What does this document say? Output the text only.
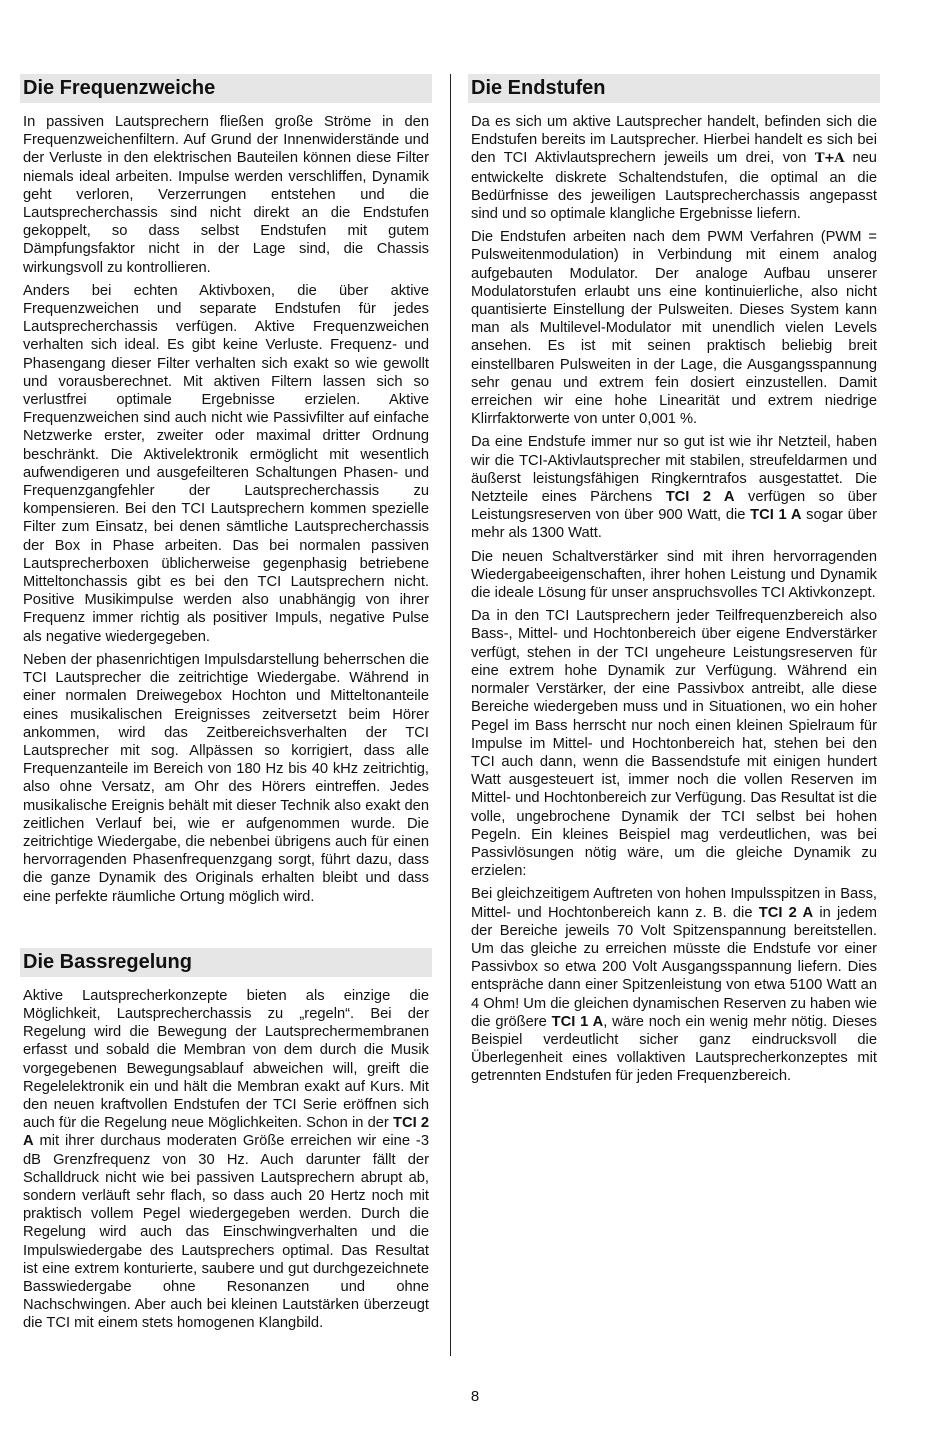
Die Frequenzweiche

In passiven Lautsprechern fließen große Ströme in den Frequenzweichenfiltern. Auf Grund der Innenwiderstände und der Verluste in den elektrischen Bauteilen können diese Filter niemals ideal arbeiten. Impulse werden verschliffen, Dynamik geht verloren, Verzerrungen entstehen und die Lautsprecherchassis sind nicht direkt an die Endstufen gekoppelt, so dass selbst Endstufen mit gutem Dämpfungsfaktor nicht in der Lage sind, die Chassis wirkungsvoll zu kontrollieren.

Anders bei echten Aktivboxen, die über aktive Frequenzweichen und separate Endstufen für jedes Lautsprecherchassis verfügen. Aktive Frequenzweichen verhalten sich ideal. Es gibt keine Verluste. Frequenz- und Phasengang dieser Filter verhalten sich exakt so wie gewollt und vorausberechnet. Mit aktiven Filtern lassen sich so verlustfrei optimale Ergebnisse erzielen. Aktive Frequenzweichen sind auch nicht wie Passivfilter auf einfache Netzwerke erster, zweiter oder maximal dritter Ordnung beschränkt. Die Aktivelektronik ermöglicht mit wesentlich aufwendigeren und ausgefeilteren Schaltungen Phasen- und Frequenzgangfehler der Lautsprecherchassis zu kompensieren. Bei den TCI Lautsprechern kommen spezielle Filter zum Einsatz, bei denen sämtliche Lautsprecherchassis der Box in Phase arbeiten. Das bei normalen passiven Lautsprecherboxen üblicherweise gegenphasig betriebene Mitteltonchassis gibt es bei den TCI Lautsprechern nicht. Positive Musikimpulse werden also unabhängig von ihrer Frequenz immer richtig als positiver Impuls, negative Pulse als negative wiedergegeben.

Neben der phasenrichtigen Impulsdarstellung beherrschen die TCI Lautsprecher die zeitrichtige Wiedergabe. Während in einer normalen Dreiwegebox Hochton und Mitteltonanteile eines musikalischen Ereignisses zeitversetzt beim Hörer ankommen, wird das Zeitbereichsverhalten der TCI Lautsprecher mit sog. Allpässen so korrigiert, dass alle Frequenzanteile im Bereich von 180 Hz bis 40 kHz zeitrichtig, also ohne Versatz, am Ohr des Hörers eintreffen. Jedes musikalische Ereignis behält mit dieser Technik also exakt den zeitlichen Verlauf bei, wie er aufgenommen wurde. Die zeitrichtige Wiedergabe, die nebenbei übrigens auch für einen hervorragenden Phasenfrequenzgang sorgt, führt dazu, dass die ganze Dynamik des Originals erhalten bleibt und dass eine perfekte räumliche Ortung möglich wird.

Die Bassregelung

Aktive Lautsprecherkonzepte bieten als einzige die Möglichkeit, Lautsprecherchassis zu „regeln“. Bei der Regelung wird die Bewegung der Lautsprechermembranen erfasst und sobald die Membran von dem durch die Musik vorgegebenen Bewegungsablauf abweichen will, greift die Regelelektronik ein und hält die Membran exakt auf Kurs. Mit den neuen kraftvollen Endstufen der TCI Serie eröffnen sich auch für die Regelung neue Möglichkeiten. Schon in der TCI 2 A mit ihrer durchaus moderaten Größe erreichen wir eine -3 dB Grenzfrequenz von 30 Hz. Auch darunter fällt der Schalldruck nicht wie bei passiven Lautsprechern abrupt ab, sondern verläuft sehr flach, so dass auch 20 Hertz noch mit praktisch vollem Pegel wiedergegeben werden. Durch die Regelung wird auch das Einschwingverhalten und die Impulswiedergabe des Lautsprechers optimal. Das Resultat ist eine extrem konturierte, saubere und gut durchgezeichnete Basswiedergabe ohne Resonanzen und ohne Nachschwingen. Aber auch bei kleinen Lautstärken überzeugt die TCI mit einem stets homogenen Klangbild.

Die Endstufen

Da es sich um aktive Lautsprecher handelt, befinden sich die Endstufen bereits im Lautsprecher. Hierbei handelt es sich bei den TCI Aktivlautsprechern jeweils um drei, von T+A neu entwickelte diskrete Schaltendstufen, die optimal an die Bedürfnisse des jeweiligen Lautsprecherchassis angepasst sind und so optimale klangliche Ergebnisse liefern.

Die Endstufen arbeiten nach dem PWM Verfahren (PWM = Pulsweitenmodulation) in Verbindung mit einem analog aufgebauten Modulator. Der analoge Aufbau unserer Modulatorstufen erlaubt uns eine kontinuierliche, also nicht quantisierte Einstellung der Pulsweiten. Dieses System kann man als Multilevel-Modulator mit unendlich vielen Levels ansehen. Es ist mit seinen praktisch beliebig breit einstellbaren Pulsweiten in der Lage, die Ausgangsspannung sehr genau und extrem fein dosiert einzustellen. Damit erreichen wir eine hohe Linearität und extrem niedrige Klirrfaktorwerte von unter 0,001 %.

Da eine Endstufe immer nur so gut ist wie ihr Netzteil, haben wir die TCI-Aktivlautsprecher mit stabilen, streufeldarmen und äußerst leistungsfähigen Ringkerntrafos ausgestattet. Die Netzteile eines Pärchens TCI 2 A verfügen so über Leistungsreserven von über 900 Watt, die TCI 1 A sogar über mehr als 1300 Watt.

Die neuen Schaltverstärker sind mit ihren hervorragenden Wiedergabeeigenschaften, ihrer hohen Leistung und Dynamik die ideale Lösung für unser anspruchsvolles TCI Aktivkonzept.

Da in den TCI Lautsprechern jeder Teilfrequenzbereich also Bass-, Mittel- und Hochtonbereich über eigene Endverstärker verfügt, stehen in der TCI ungeheure Leistungsreserven für eine extrem hohe Dynamik zur Verfügung. Während ein normaler Verstärker, der eine Passivbox antreibt, alle diese Bereiche wiedergeben muss und in Situationen, wo ein hoher Pegel im Bass herrscht nur noch einen kleinen Spielraum für Impulse im Mittel- und Hochtonbereich hat, stehen bei den TCI auch dann, wenn die Bassendstufe mit einigen hundert Watt ausgesteuert ist, immer noch die vollen Reserven im Mittel- und Hochtonbereich zur Verfügung. Das Resultat ist die volle, ungebrochene Dynamik der TCI selbst bei hohen Pegeln. Ein kleines Beispiel mag verdeutlichen, was bei Passivlösungen nötig wäre, um die gleiche Dynamik zu erzielen:

Bei gleichzeitigem Auftreten von hohen Impulsspitzen in Bass, Mittel- und Hochtonbereich kann z. B. die TCI 2 A in jedem der Bereiche jeweils 70 Volt Spitzenspannung bereitstellen. Um das gleiche zu erreichen müsste die Endstufe vor einer Passivbox so etwa 200 Volt Ausgangsspannung liefern. Dies entspräche dann einer Spitzenleistung von etwa 5100 Watt an 4 Ohm! Um die gleichen dynamischen Reserven zu haben wie die größere TCI 1 A, wäre noch ein wenig mehr nötig. Dieses Beispiel verdeutlicht sicher ganz eindrucksvoll die Überlegenheit eines vollaktiven Lautsprecherkonzeptes mit getrennten Endstufen für jeden Frequenzbereich.

8
